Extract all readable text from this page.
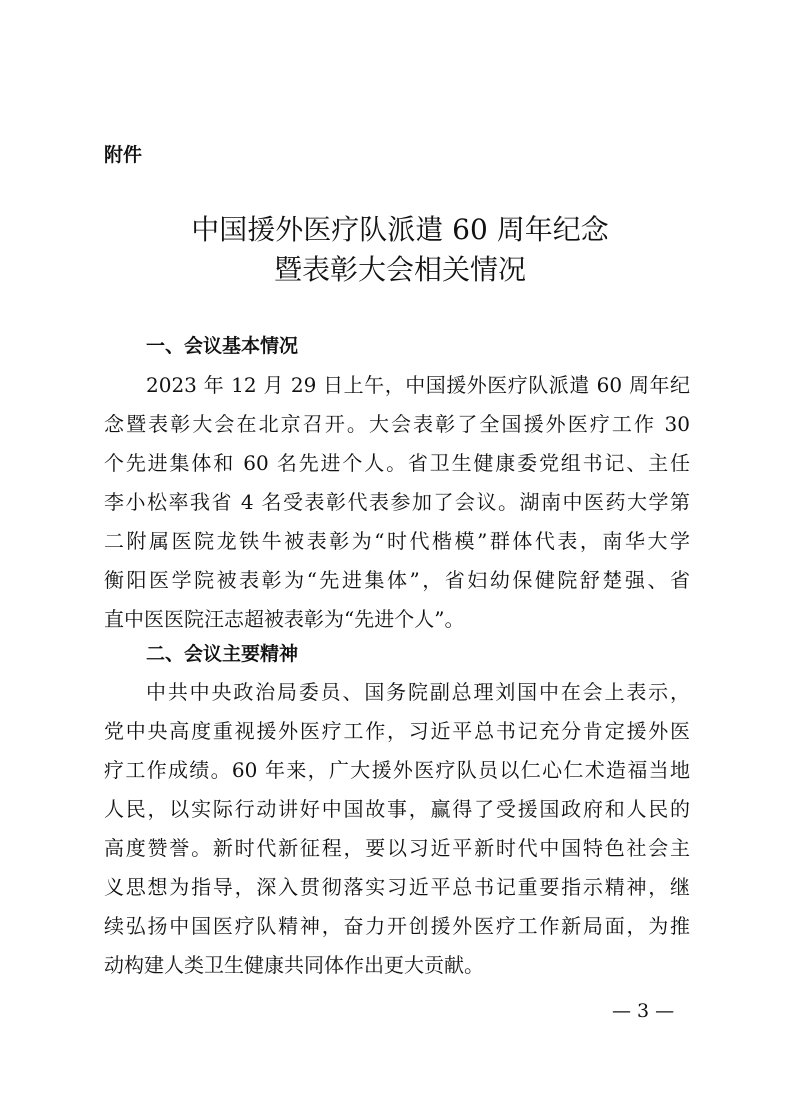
附件
中国援外医疗队派遣 60 周年纪念
暨表彰大会相关情况
一、会议基本情况
2023 年 12 月 29 日上午，中国援外医疗队派遣 60 周年纪
念暨表彰大会在北京召开。大会表彰了全国援外医疗工作 30
个先进集体和 60 名先进个人。省卫生健康委党组书记、主任
李小松率我省 4 名受表彰代表参加了会议。湖南中医药大学第
二附属医院龙铁牛被表彰为“时代楷模”群体代表，南华大学
衡阳医学院被表彰为“先进集体”，省妇幼保健院舒楚强、省
直中医医院汪志超被表彰为“先进个人”。
二、会议主要精神
中共中央政治局委员、国务院副总理刘国中在会上表示，
党中央高度重视援外医疗工作，习近平总书记充分肯定援外医
疗工作成绩。60 年来，广大援外医疗队员以仁心仁术造福当地
人民，以实际行动讲好中国故事，赢得了受援国政府和人民的
高度赞誉。新时代新征程，要以习近平新时代中国特色社会主
义思想为指导，深入贯彻落实习近平总书记重要指示精神，继
续弘扬中国医疗队精神，奋力开创援外医疗工作新局面，为推
动构建人类卫生健康共同体作出更大贡献。
— 3 —
